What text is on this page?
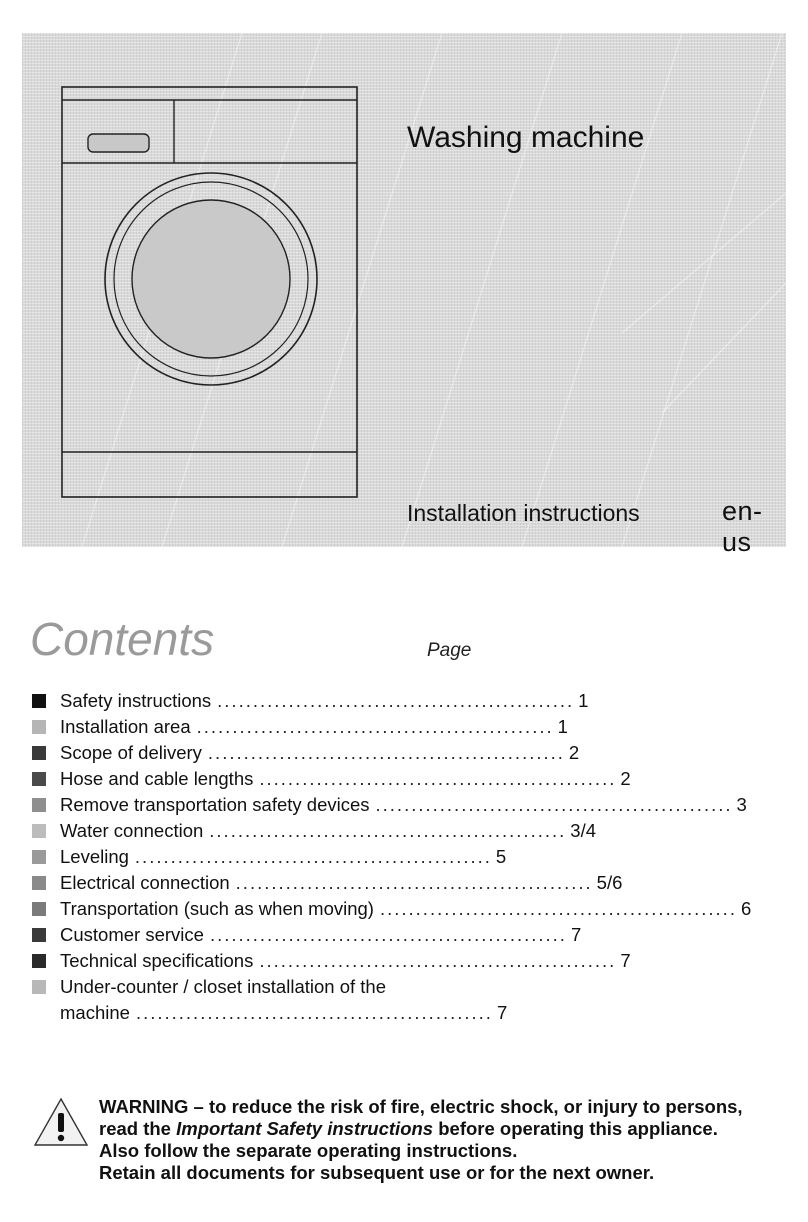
Washing machine
Installation instructions	en-us
Contents	Page
Safety instructions .................................................. 1
Installation area .................................................. 1
Scope of delivery .................................................. 2
Hose and cable lengths .................................................. 2
Remove transportation safety devices .................................................. 3
Water connection .................................................. 3/4
Leveling .................................................. 5
Electrical connection .................................................. 5/6
Transportation (such as when moving) .................................................. 6
Customer service .................................................. 7
Technical specifications .................................................. 7
Under-counter / closet installation of the
machine .................................................. 7

WARNING – to reduce the risk of fire, electric shock, or injury to persons,

read the Important Safety instructions before operating this appliance.

Also follow the separate operating instructions.

Retain all documents for subsequent use or for the next owner.
